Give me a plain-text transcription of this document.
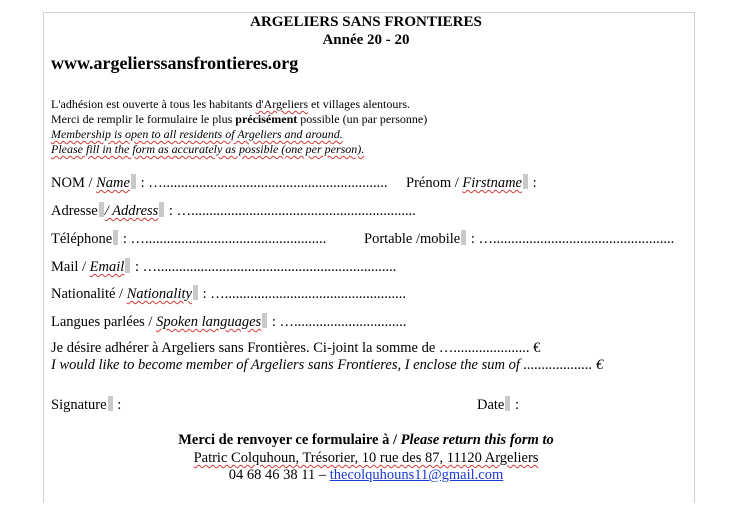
ARGELIERS SANS FRONTIERES
Année 20 - 20
www.argelierssansfrontieres.org
L'adhésion est ouverte à tous les habitants d'Argeliers et villages alentours.
Merci de remplir le formulaire le plus précisément possible (un par personne)
Membership is open to all residents of Argeliers and around.
Please fill in the form as accurately as possible (one per person).
NOM / Name : ….............................................................. Prénom / Firstname :
Adresse / Address : …..............................................................
Téléphone : …..................................................	Portable /mobile : …..................................................
Mail / Email : …..................................................................
Nationalité / Nationality : …..................................................
Langues parlées / Spoken languages : …...............................
Je désire adhérer à Argeliers sans Frontières. Ci-joint la somme de …..................... €
I would like to become member of Argeliers sans Frontieres, I enclose the sum of ................... €
Signature :	Date :
Merci de renvoyer ce formulaire à / Please return this form to
Patric Colquhoun, Trésorier, 10 rue des 87, 11120 Argeliers
04 68 46 38 11 – thecolquhouns11@gmail.com
